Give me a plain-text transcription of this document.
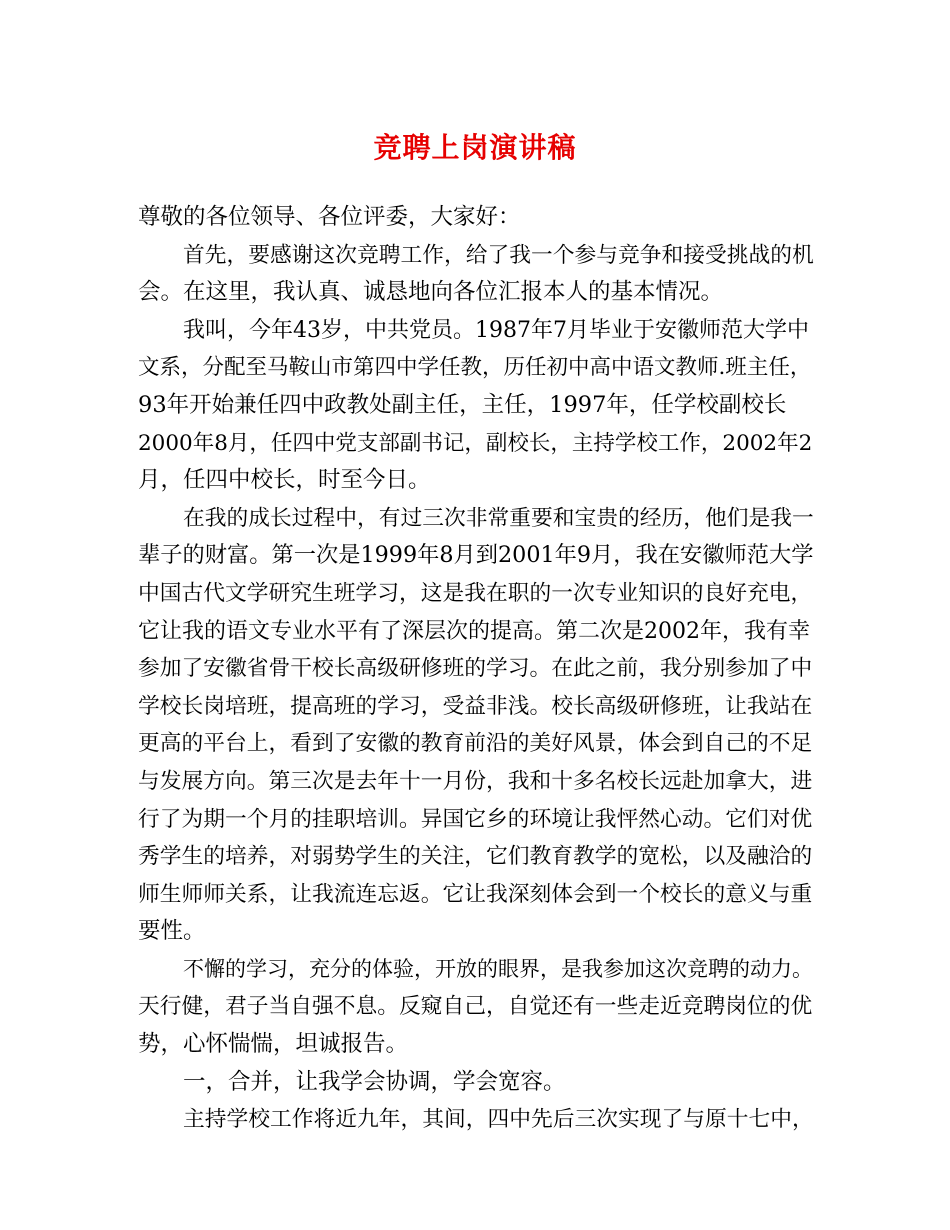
竞聘上岗演讲稿
尊敬的各位领导、各位评委，大家好：
首先，要感谢这次竞聘工作，给了我一个参与竞争和接受挑战的机
会。在这里，我认真、诚恳地向各位汇报本人的基本情况。
我叫，今年43岁，中共党员。1987年7月毕业于安徽师范大学中
文系，分配至马鞍山市第四中学任教，历任初中高中语文教师.班主任，
93年开始兼任四中政教处副主任，主任，1997年，任学校副校长
2000年8月，任四中党支部副书记，副校长，主持学校工作，2002年2
月，任四中校长，时至今日。
在我的成长过程中，有过三次非常重要和宝贵的经历，他们是我一
辈子的财富。第一次是1999年8月到2001年9月，我在安徽师范大学
中国古代文学研究生班学习，这是我在职的一次专业知识的良好充电，
它让我的语文专业水平有了深层次的提高。第二次是2002年，我有幸
参加了安徽省骨干校长高级研修班的学习。在此之前，我分别参加了中
学校长岗培班，提高班的学习，受益非浅。校长高级研修班，让我站在
更高的平台上，看到了安徽的教育前沿的美好风景，体会到自己的不足
与发展方向。第三次是去年十一月份，我和十多名校长远赴加拿大，进
行了为期一个月的挂职培训。异国它乡的环境让我怦然心动。它们对优
秀学生的培养，对弱势学生的关注，它们教育教学的宽松，以及融洽的
师生师师关系，让我流连忘返。它让我深刻体会到一个校长的意义与重
要性。
不懈的学习，充分的体验，开放的眼界，是我参加这次竞聘的动力。
天行健，君子当自强不息。反窥自己，自觉还有一些走近竞聘岗位的优
势，心怀惴惴，坦诚报告。
一，合并，让我学会协调，学会宽容。
主持学校工作将近九年，其间，四中先后三次实现了与原十七中，
